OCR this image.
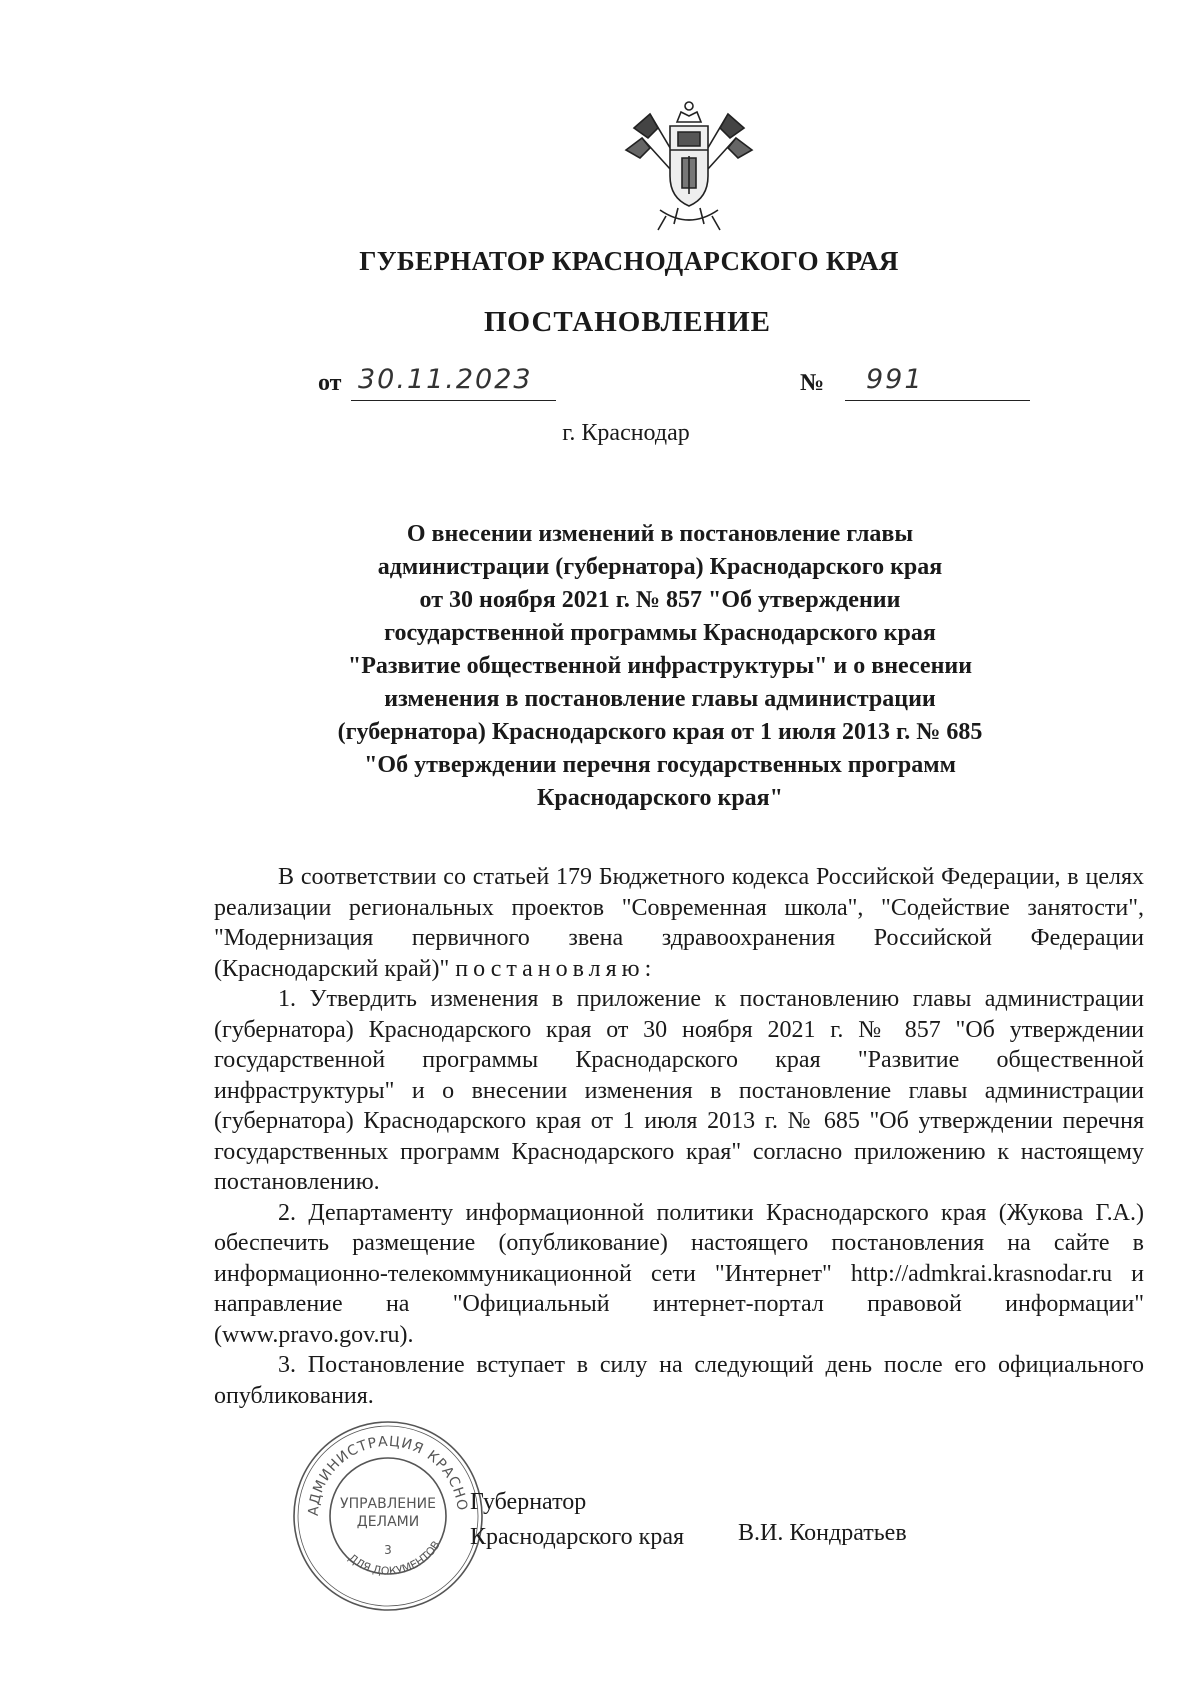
ГУБЕРНАТОР КРАСНОДАРСКОГО КРАЯ
ПОСТАНОВЛЕНИЕ
от 30.11.2023	№ 991
г. Краснодар
О внесении изменений в постановление главы
администрации (губернатора) Краснодарского края
от 30 ноября 2021 г. № 857 "Об утверждении
государственной программы Краснодарского края
"Развитие общественной инфраструктуры" и о внесении
изменения в постановление главы администрации
(губернатора) Краснодарского края от 1 июля 2013 г. № 685
"Об утверждении перечня государственных программ
Краснодарского края"

В соответствии со статьей 179 Бюджетного кодекса Российской Федерации, в целях реализации региональных проектов "Современная школа", "Содействие занятости", "Модернизация первичного звена здравоохранения Российской Федерации (Краснодарский край)" постановляю:

1. Утвердить изменения в приложение к постановлению главы администрации (губернатора) Краснодарского края от 30 ноября 2021 г. № 857 "Об утверждении государственной программы Краснодарского края "Развитие общественной инфраструктуры" и о внесении изменения в постановление главы администрации (губернатора) Краснодарского края от 1 июля 2013 г. № 685 "Об утверждении перечня государственных программ Краснодарского края" согласно приложению к настоящему постановлению.

2. Департаменту информационной политики Краснодарского края (Жукова Г.А.) обеспечить размещение (опубликование) настоящего постановления на сайте в информационно-телекоммуникационной сети "Интернет" http://admkrai.krasnodar.ru и направление на "Официальный интернет-портал правовой информации" (www.pravo.gov.ru).

3. Постановление вступает в силу на следующий день после его официального опубликования.

АДМИНИСТРАЦИЯ КРАСНО
ДЛЯ ДОКУМЕНТОВ
УПРАВЛЕНИЕ
ДЕЛАМИ
3
Губернатор
Краснодарского края В.И. Кондратьев
